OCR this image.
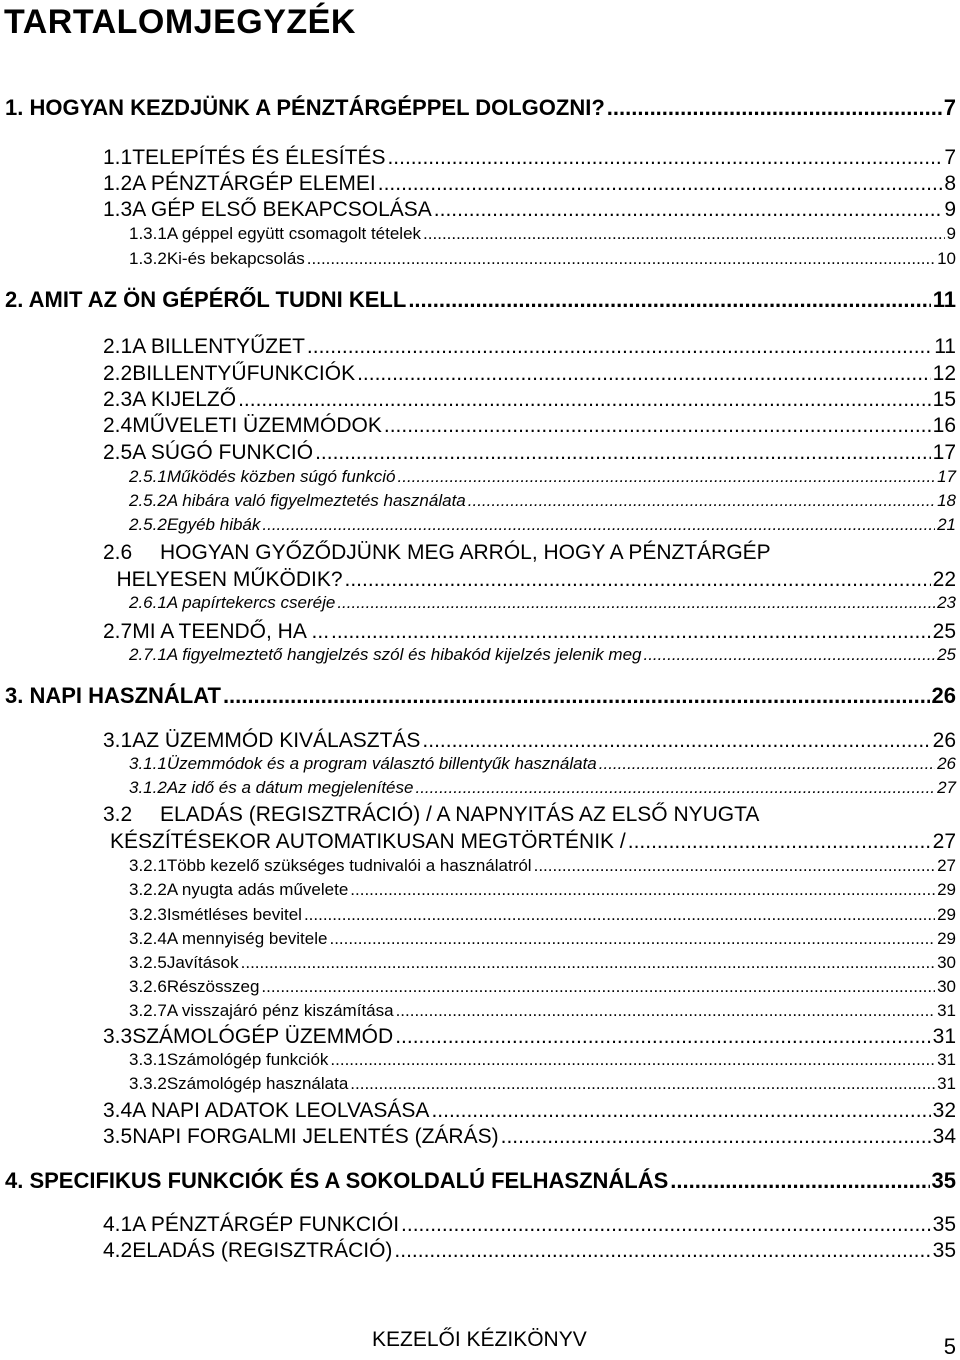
TARTALOMJEGYZÉK
1. HOGYAN KEZDJÜNK A PÉNZTÁRGÉPPEL DOLGOZNI? .....	7
1.1 TELEPÍTÉS ÉS ÉLESÍTÉS .....	7
1.2 A PÉNZTÁRGÉP ELEMEI .....	8
1.3 A GÉP ELSŐ BEKAPCSOLÁSA .....	9
1.3.1 A géppel együtt csomagolt tételek .....	9
1.3.2 Ki-és bekapcsolás .....	10
2. AMIT AZ ÖN GÉPÉRŐL TUDNI KELL .....	11
2.1 A BILLENTYŰZET .....	11
2.2 BILLENTYŰFUNKCIÓK .....	12
2.3 A KIJELZŐ .....	15
2.4 MŰVELETI ÜZEMMÓDOK .....	16
2.5 A SÚGÓ FUNKCIÓ .....	17
2.5.1 Működés közben súgó funkció .....	17
2.5.2 A hibára való figyelmeztetés használata .....	18
2.5.2 Egyéb hibák .....	21
2.6	HOGYAN GYŐZŐDJÜNK MEG ARRÓL, HOGY A PÉNZTÁRGÉP
HELYESEN MŰKÖDIK? .....	22
2.6.1 A papírtekercs cseréje .....	23
2.7 MI A TEENDŐ, HA ... .....	25
2.7.1 A figyelmeztető hangjelzés szól és hibakód kijelzés jelenik meg .....	25
3. NAPI HASZNÁLAT .....	26
3.1 AZ ÜZEMMÓD KIVÁLASZTÁS .....	26
3.1.1 Üzemmódok és a program választó billentyűk használata .....	26
3.1.2 Az idő és a dátum megjelenítése .....	27
3.2	ELADÁS (REGISZTRÁCIÓ) / A NAPNYITÁS AZ ELSŐ NYUGTA
KÉSZÍTÉSEKOR AUTOMATIKUSAN MEGTÖRTÉNIK / .....	27
3.2.1 Több kezelő szükséges tudnivalói a használatról .....	27
3.2.2 A nyugta adás művelete .....	29
3.2.3 Ismétléses bevitel .....	29
3.2.4 A mennyiség bevitele .....	29
3.2.5 Javítások .....	30
3.2.6 Részösszeg .....	30
3.2.7 A visszajáró pénz kiszámítása .....	31
3.3 SZÁMOLÓGÉP ÜZEMMÓD .....	31
3.3.1 Számológép funkciók .....	31
3.3.2 Számológép használata .....	31
3.4 A NAPI ADATOK LEOLVASÁSA .....	32
3.5 NAPI FORGALMI JELENTÉS (ZÁRÁS) .....	34
4. SPECIFIKUS FUNKCIÓK ÉS A SOKOLDALÚ FELHASZNÁLÁS .....	35
4.1 A PÉNZTÁRGÉP FUNKCIÓI .....	35
4.2 ELADÁS (REGISZTRÁCIÓ) .....	35
KEZELŐI KÉZIKÖNYV	5
